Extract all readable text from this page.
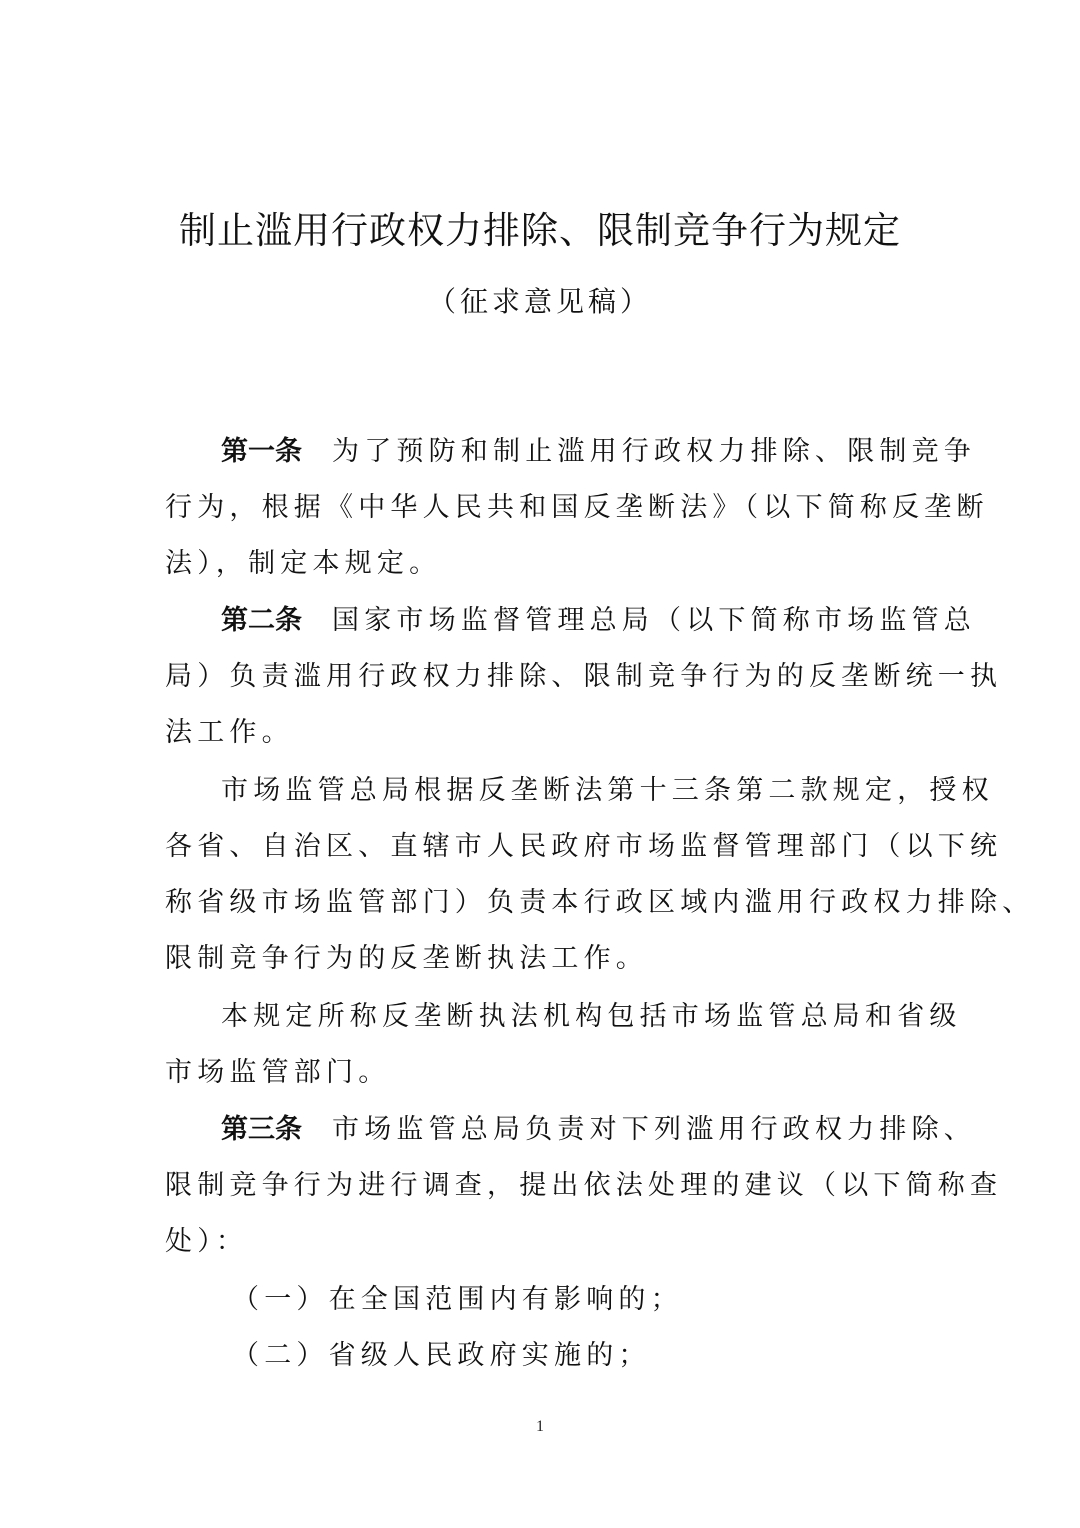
制止滥用行政权力排除、限制竞争行为规定
（征求意见稿）
第一条 为了预防和制止滥用行政权力排除、限制竞争
行为，根据《中华人民共和国反垄断法》（以下简称反垄断
法），制定本规定。
第二条 国家市场监督管理总局（以下简称市场监管总
局）负责滥用行政权力排除、限制竞争行为的反垄断统一执
法工作。
市场监管总局根据反垄断法第十三条第二款规定，授权
各省、自治区、直辖市人民政府市场监督管理部门（以下统
称省级市场监管部门）负责本行政区域内滥用行政权力排除、
限制竞争行为的反垄断执法工作。
本规定所称反垄断执法机构包括市场监管总局和省级
市场监管部门。
第三条 市场监管总局负责对下列滥用行政权力排除、
限制竞争行为进行调查，提出依法处理的建议（以下简称查
处）：
（一）在全国范围内有影响的；
（二）省级人民政府实施的；
1
